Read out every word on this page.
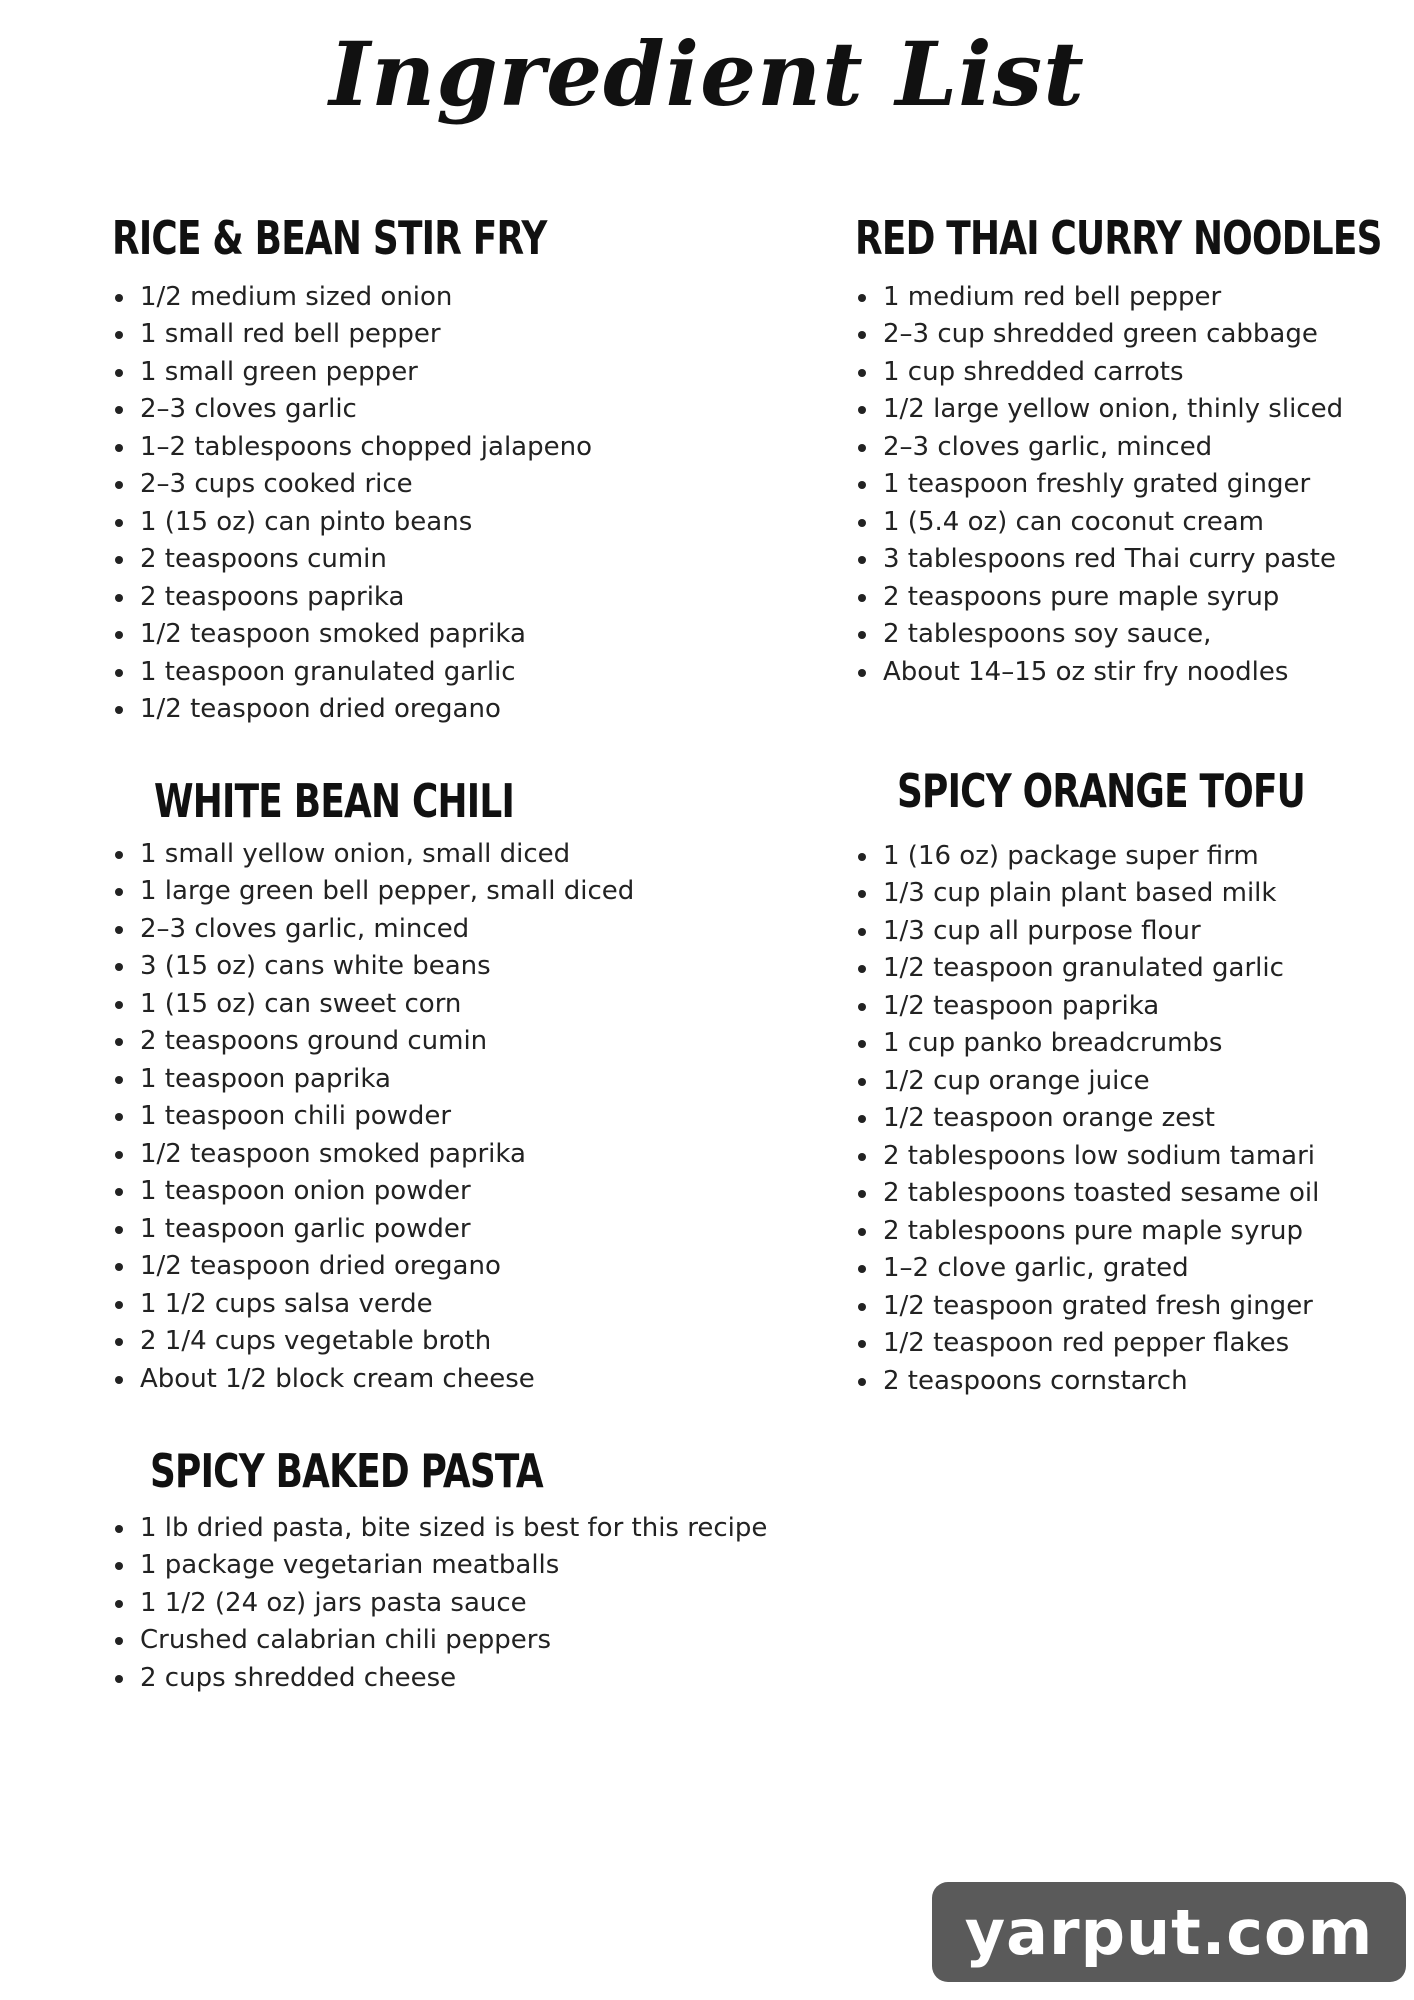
Ingredient List
RICE & BEAN STIR FRY
1/2 medium sized onion
1 small red bell pepper
1 small green pepper
2–3 cloves garlic
1–2 tablespoons chopped jalapeno
2–3 cups cooked rice
1 (15 oz) can pinto beans
2 teaspoons cumin
2 teaspoons paprika
1/2 teaspoon smoked paprika
1 teaspoon granulated garlic
1/2 teaspoon dried oregano
RED THAI CURRY NOODLES
1 medium red bell pepper
2–3 cup shredded green cabbage
1 cup shredded carrots
1/2 large yellow onion, thinly sliced
2–3 cloves garlic, minced
1 teaspoon freshly grated ginger
1 (5.4 oz) can coconut cream
3 tablespoons red Thai curry paste
2 teaspoons pure maple syrup
2 tablespoons soy sauce,
About 14–15 oz stir fry noodles
WHITE BEAN CHILI
1 small yellow onion, small diced
1 large green bell pepper, small diced
2–3 cloves garlic, minced
3 (15 oz) cans white beans
1 (15 oz) can sweet corn
2 teaspoons ground cumin
1 teaspoon paprika
1 teaspoon chili powder
1/2 teaspoon smoked paprika
1 teaspoon onion powder
1 teaspoon garlic powder
1/2 teaspoon dried oregano
1 1/2 cups salsa verde
2 1/4 cups vegetable broth
About 1/2 block cream cheese
SPICY ORANGE TOFU
1 (16 oz) package super firm
1/3 cup plain plant based milk
1/3 cup all purpose flour
1/2 teaspoon granulated garlic
1/2 teaspoon paprika
1 cup panko breadcrumbs
1/2 cup orange juice
1/2 teaspoon orange zest
2 tablespoons low sodium tamari
2 tablespoons toasted sesame oil
2 tablespoons pure maple syrup
1–2 clove garlic, grated
1/2 teaspoon grated fresh ginger
1/2 teaspoon red pepper flakes
2 teaspoons cornstarch
SPICY BAKED PASTA
1 lb dried pasta, bite sized is best for this recipe
1 package vegetarian meatballs
1 1/2 (24 oz) jars pasta sauce
Crushed calabrian chili peppers
2 cups shredded cheese
yarput.com
